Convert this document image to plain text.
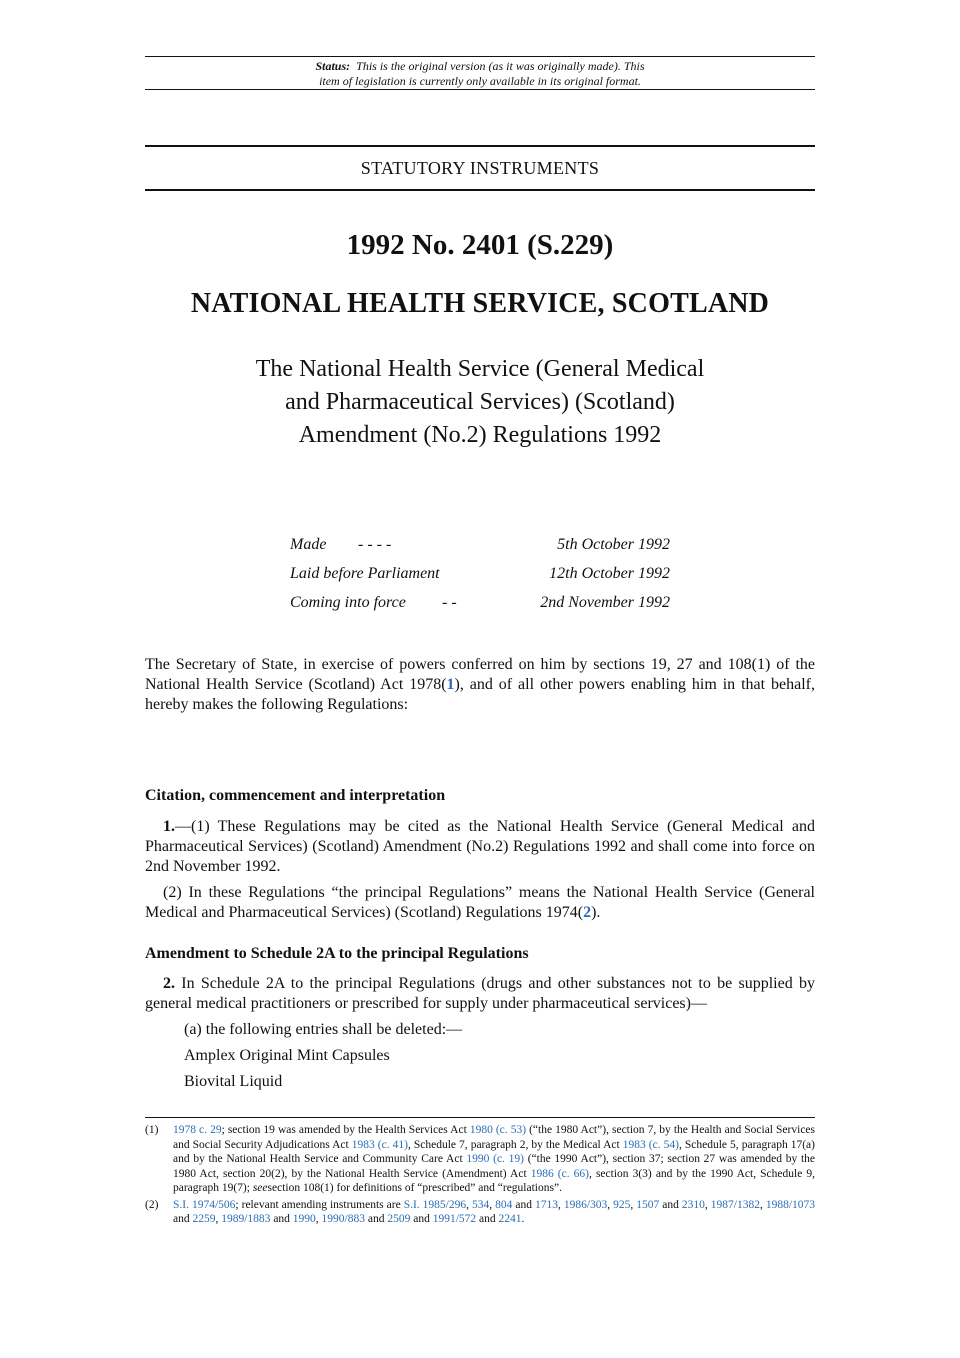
Status: This is the original version (as it was originally made). This
item of legislation is currently only available in its original format.
STATUTORY INSTRUMENTS
1992 No. 2401 (S.229)
NATIONAL HEALTH SERVICE, SCOTLAND
The National Health Service (General Medical
and Pharmaceutical Services) (Scotland)
Amendment (No.2) Regulations 1992
Made - - - -	5th October 1992
Laid before Parliament	12th October 1992
Coming into force - -	2nd November 1992
The Secretary of State, in exercise of powers conferred on him by sections 19, 27 and 108(1) of the National Health Service (Scotland) Act 1978(1), and of all other powers enabling him in that behalf, hereby makes the following Regulations:
Citation, commencement and interpretation

1.—(1) These Regulations may be cited as the National Health Service (General Medical and Pharmaceutical Services) (Scotland) Amendment (No.2) Regulations 1992 and shall come into force on 2nd November 1992.

(2) In these Regulations “the principal Regulations” means the National Health Service (General Medical and Pharmaceutical Services) (Scotland) Regulations 1974(2).

Amendment to Schedule 2A to the principal Regulations

2. In Schedule 2A to the principal Regulations (drugs and other substances not to be supplied by general medical practitioners or prescribed for supply under pharmaceutical services)—

(a) the following entries shall be deleted:—
Amplex Original Mint Capsules
Biovital Liquid
(1) 1978 c. 29; section 19 was amended by the Health Services Act 1980 (c. 53) (“the 1980 Act”), section 7, by the Health and Social Services and Social Security Adjudications Act 1983 (c. 41), Schedule 7, paragraph 2, by the Medical Act 1983 (c. 54), Schedule 5, paragraph 17(a) and by the National Health Service and Community Care Act 1990 (c. 19) (“the 1990 Act”), section 37; section 27 was amended by the 1980 Act, section 20(2), by the National Health Service (Amendment) Act 1986 (c. 66), section 3(3) and by the 1990 Act, Schedule 9, paragraph 19(7); seesection 108(1) for definitions of “prescribed” and “regulations”.
(2) S.I. 1974/506; relevant amending instruments are S.I. 1985/296, 534, 804 and 1713, 1986/303, 925, 1507 and 2310, 1987/1382, 1988/1073 and 2259, 1989/1883 and 1990, 1990/883 and 2509 and 1991/572 and 2241.
